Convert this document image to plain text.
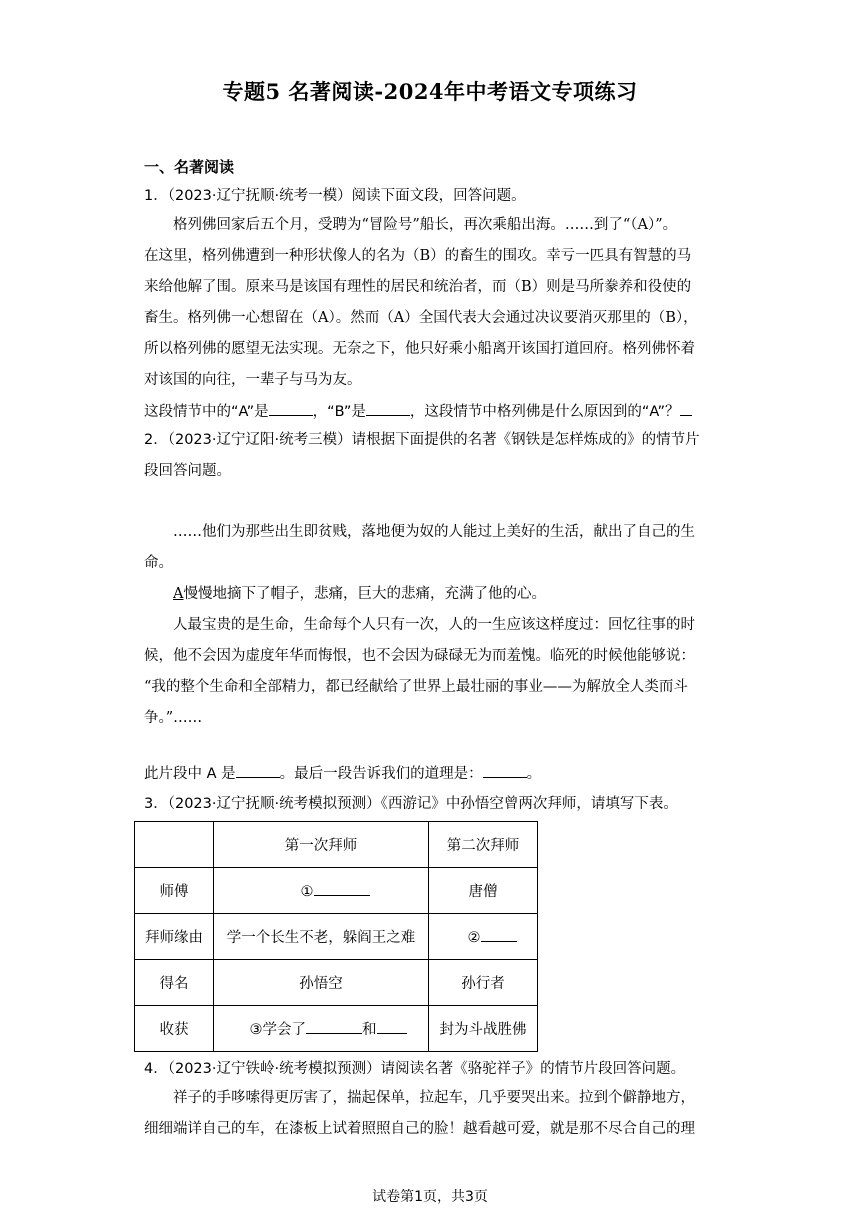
专题5 名著阅读-2024年中考语文专项练习
一、名著阅读
1．（2023·辽宁抚顺·统考一模）阅读下面文段，回答问题。
格列佛回家后五个月，受聘为“冒险号”船长，再次乘船出海。……到了“（A）”。
在这里，格列佛遭到一种形状像人的名为（B）的畜生的围攻。幸亏一匹具有智慧的马
来给他解了围。原来马是该国有理性的居民和统治者，而（B）则是马所豢养和役使的
畜生。格列佛一心想留在（A）。然而（A）全国代表大会通过决议要消灭那里的（B），
所以格列佛的愿望无法实现。无奈之下，他只好乘小船离开该国打道回府。格列佛怀着
对该国的向往，一辈子与马为友。
这段情节中的“A”是	，“B”是	，这段情节中格列佛是什么原因到的“A”？
2．（2023·辽宁辽阳·统考三模）请根据下面提供的名著《钢铁是怎样炼成的》的情节片
段回答问题。
……他们为那些出生即贫贱，落地便为奴的人能过上美好的生活，献出了自己的生
命。
A慢慢地摘下了帽子，悲痛，巨大的悲痛，充满了他的心。
人最宝贵的是生命，生命每个人只有一次，人的一生应该这样度过：回忆往事的时
候，他不会因为虚度年华而悔恨，也不会因为碌碌无为而羞愧。临死的时候他能够说：
“我的整个生命和全部精力，都已经献给了世界上最壮丽的事业——为解放全人类而斗
争。”……
此片段中 A 是	。最后一段告诉我们的道理是：	。
3．（2023·辽宁抚顺·统考模拟预测）《西游记》中孙悟空曾两次拜师，请填写下表。
	第一次拜师	第二次拜师
师傅	①	唐僧
拜师缘由	学一个长生不老，躲阎王之难	②
得名	孙悟空	孙行者
收获	③学会了 和	封为斗战胜佛
4．（2023·辽宁铁岭·统考模拟预测）请阅读名著《骆驼祥子》的情节片段回答问题。
祥子的手哆嗦得更厉害了，揣起保单，拉起车，几乎要哭出来。拉到个僻静地方，
细细端详自己的车，在漆板上试着照照自己的脸！越看越可爱，就是那不尽合自己的理
试卷第1页，共3页
